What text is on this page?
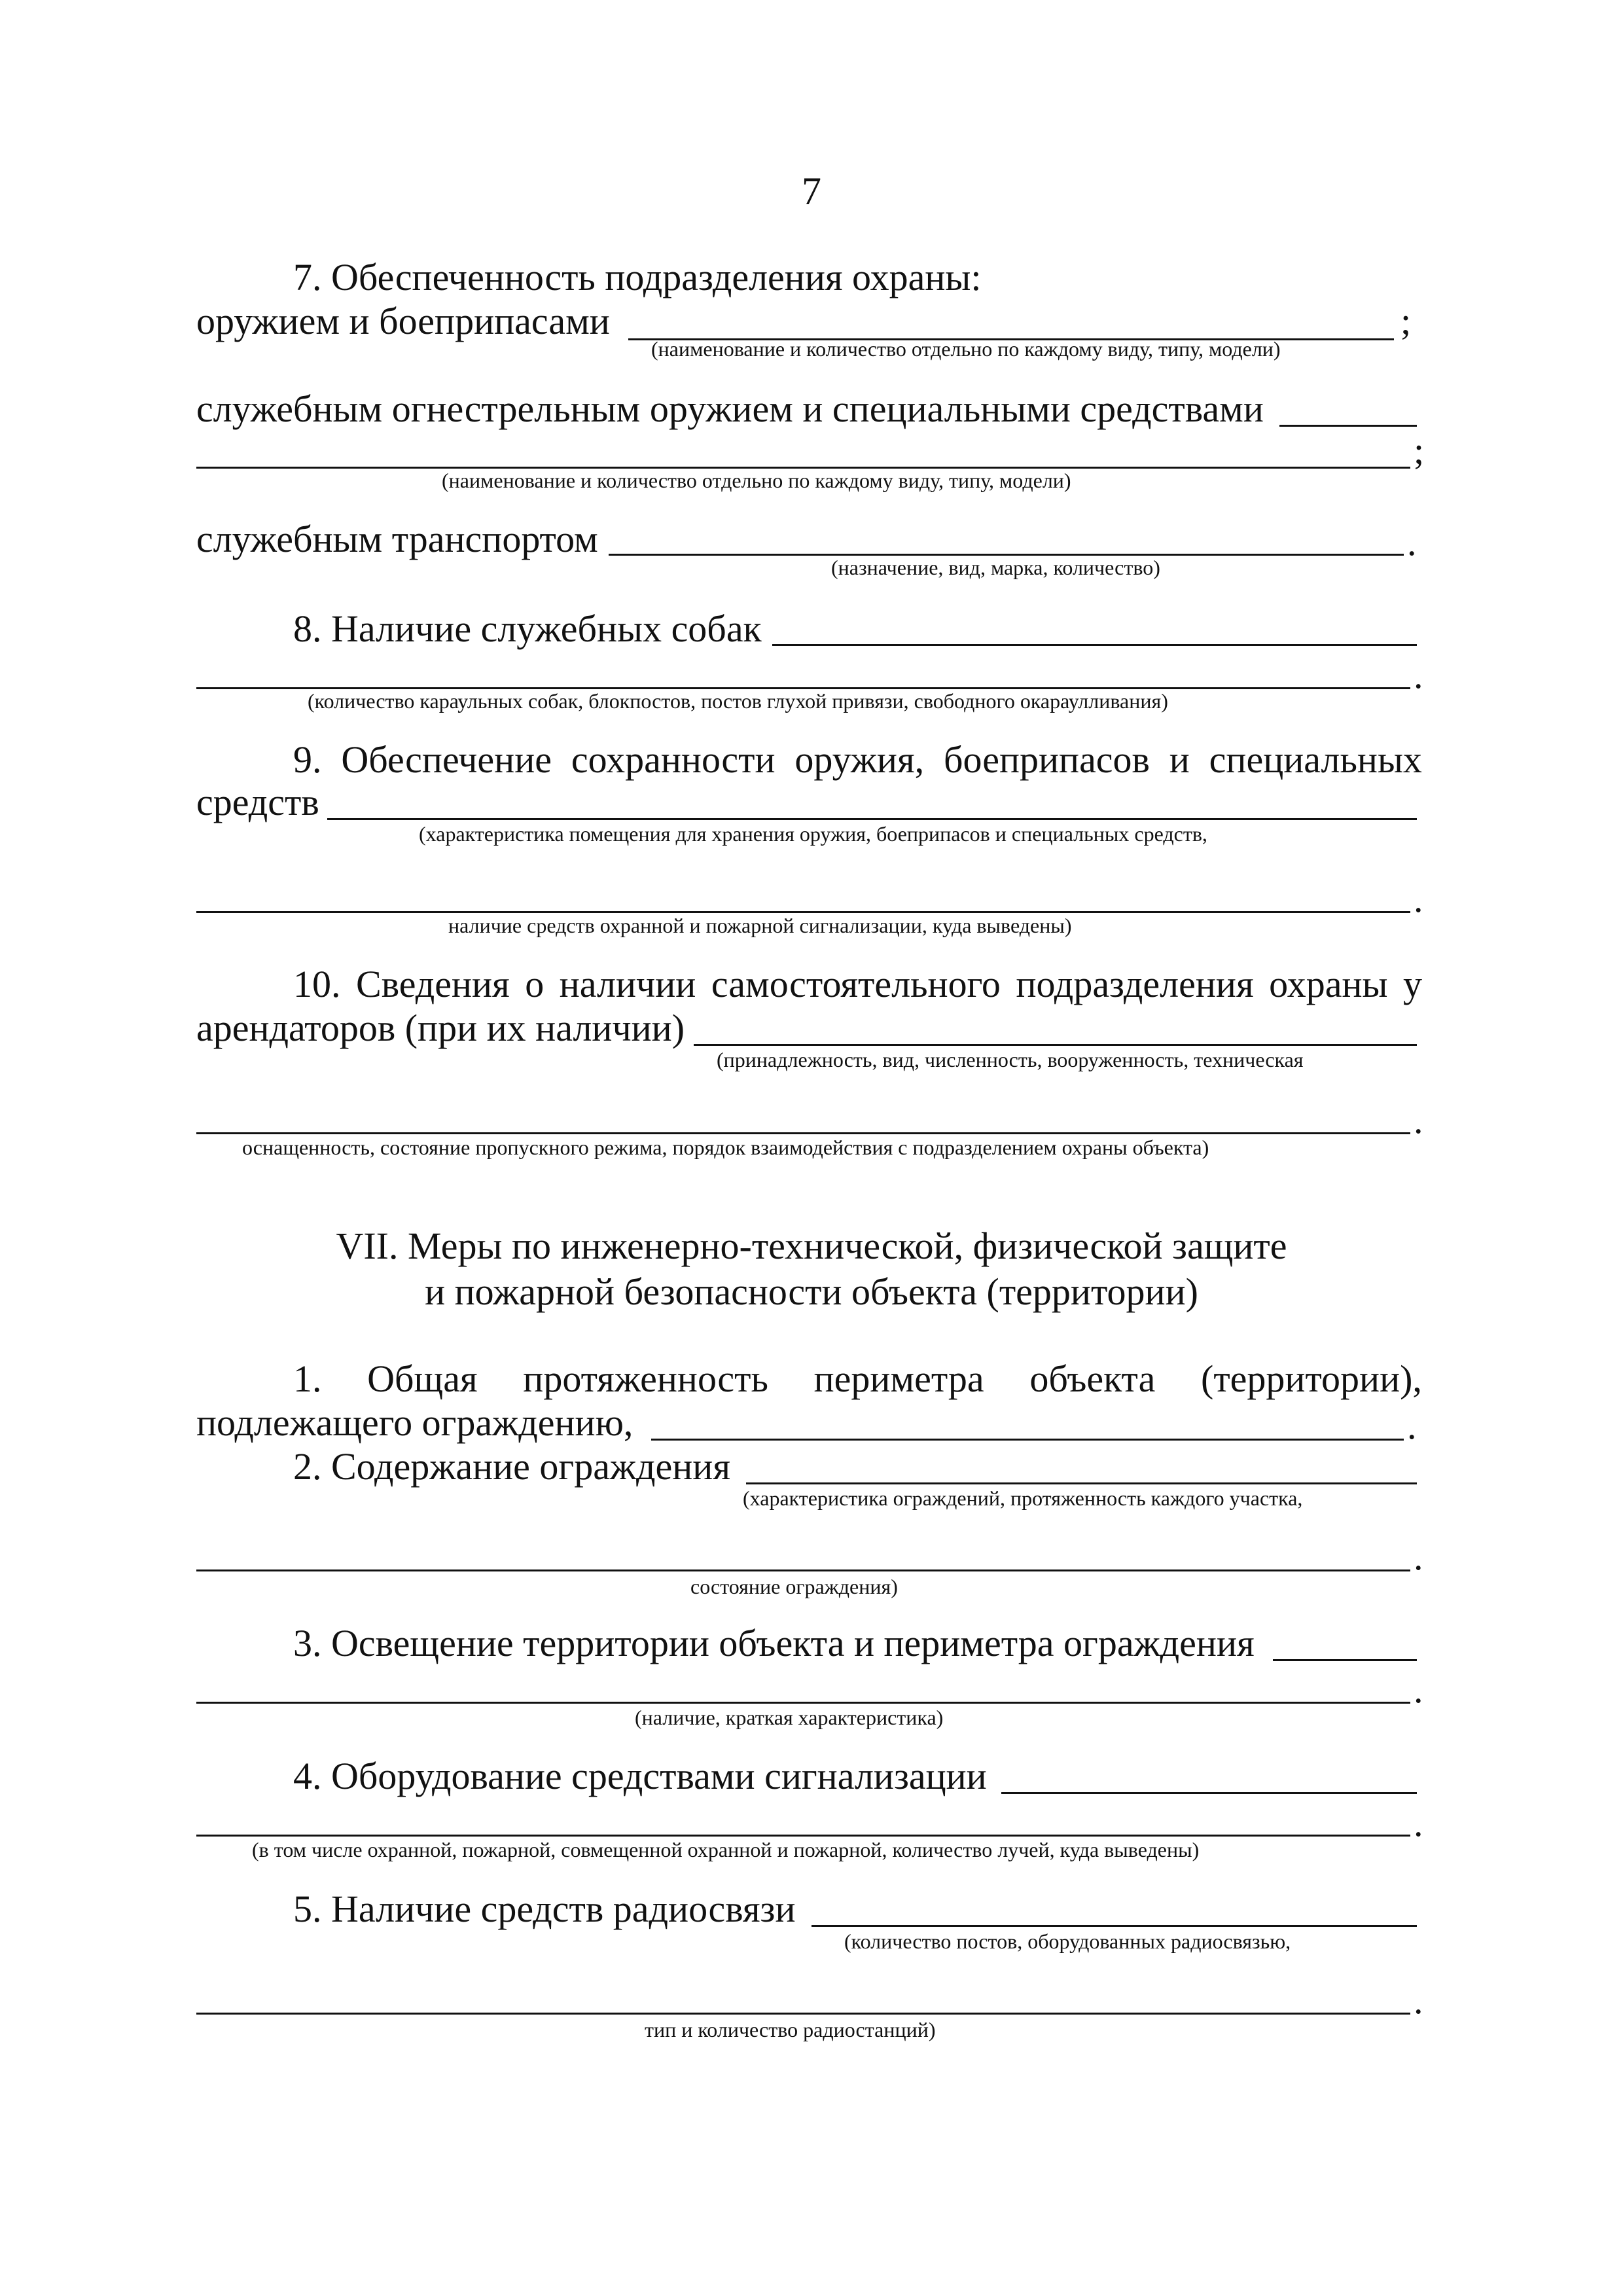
7
7. Обеспеченность подразделения охраны:
оружием и боеприпасами	;
(наименование и количество отдельно по каждому виду, типу, модели)
служебным огнестрельным оружием и специальными средствами
;
(наименование и количество отдельно по каждому виду, типу, модели)
служебным транспортом	.
(назначение, вид, марка, количество)
8. Наличие служебных собак
.
(количество караульных собак, блокпостов, постов глухой привязи, свободного окараулливания)
9. Обеспечение сохранности оружия, боеприпасов и специальных
средств
(характеристика помещения для хранения оружия, боеприпасов и специальных средств,
.
наличие средств охранной и пожарной сигнализации, куда выведены)
10. Сведения о наличии самостоятельного подразделения охраны у
арендаторов (при их наличии)
(принадлежность, вид, численность, вооруженность, техническая
.
оснащенность, состояние пропускного режима, порядок взаимодействия с подразделением охраны объекта)
VII. Меры по инженерно-технической, физической защите
и пожарной безопасности объекта (территории)
1. Общая протяженность периметра объекта (территории),
подлежащего ограждению,	.
2. Содержание ограждения
(характеристика ограждений, протяженность каждого участка,
.
состояние ограждения)
3. Освещение территории объекта и периметра ограждения
.
(наличие, краткая характеристика)
4. Оборудование средствами сигнализации
.
(в том числе охранной, пожарной, совмещенной охранной и пожарной, количество лучей, куда выведены)
5. Наличие средств радиосвязи
(количество постов, оборудованных радиосвязью,
.
тип и количество радиостанций)
